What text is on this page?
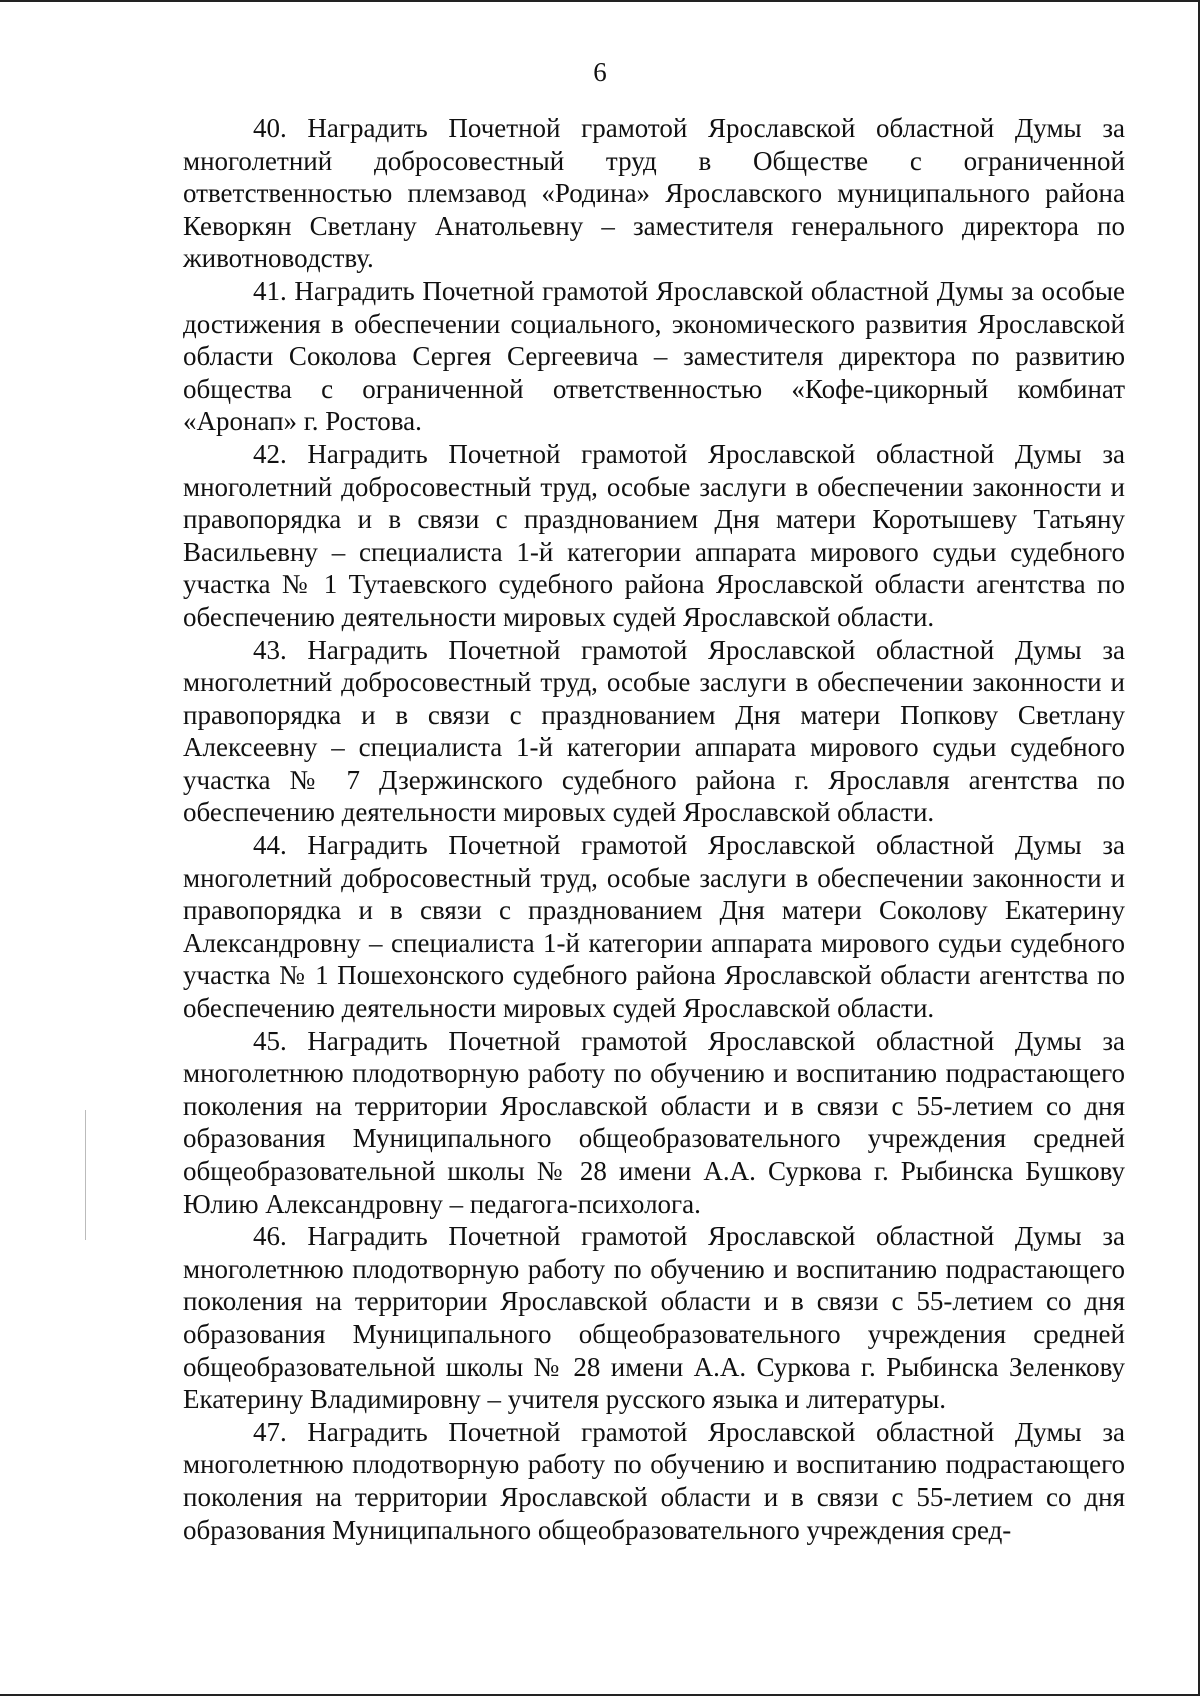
6

40. Наградить Почетной грамотой Ярославской областной Думы за многолетний добросовестный труд в Обществе с ограниченной ответственностью племзавод «Родина» Ярославского муниципального района Кеворкян Светлану Анатольевну – заместителя генерального директора по животноводству.

41. Наградить Почетной грамотой Ярославской областной Думы за особые достижения в обеспечении социального, экономического развития Ярославской области Соколова Сергея Сергеевича – заместителя директора по развитию общества с ограниченной ответственностью «Кофе-цикорный комбинат «Аронап» г. Ростова.

42. Наградить Почетной грамотой Ярославской областной Думы за многолетний добросовестный труд, особые заслуги в обеспечении законности и правопорядка и в связи с празднованием Дня матери Коротышеву Татьяну Васильевну – специалиста 1-й категории аппарата мирового судьи судебного участка № 1 Тутаевского судебного района Ярославской области агентства по обеспечению деятельности мировых судей Ярославской области.

43. Наградить Почетной грамотой Ярославской областной Думы за многолетний добросовестный труд, особые заслуги в обеспечении законности и правопорядка и в связи с празднованием Дня матери Попкову Светлану Алексеевну – специалиста 1-й категории аппарата мирового судьи судебного участка № 7 Дзержинского судебного района г. Ярославля агентства по обеспечению деятельности мировых судей Ярославской области.

44. Наградить Почетной грамотой Ярославской областной Думы за многолетний добросовестный труд, особые заслуги в обеспечении законности и правопорядка и в связи с празднованием Дня матери Соколову Екатерину Александровну – специалиста 1-й категории аппарата мирового судьи судебного участка № 1 Пошехонского судебного района Ярославской области агентства по обеспечению деятельности мировых судей Ярославской области.

45. Наградить Почетной грамотой Ярославской областной Думы за многолетнюю плодотворную работу по обучению и воспитанию подрастающего поколения на территории Ярославской области и в связи с 55-летием со дня образования Муниципального общеобразовательного учреждения средней общеобразовательной школы № 28 имени А.А. Суркова г. Рыбинска Бушкову Юлию Александровну – педагога-психолога.

46. Наградить Почетной грамотой Ярославской областной Думы за многолетнюю плодотворную работу по обучению и воспитанию подрастающего поколения на территории Ярославской области и в связи с 55-летием со дня образования Муниципального общеобразовательного учреждения средней общеобразовательной школы № 28 имени А.А. Суркова г. Рыбинска Зеленкову Екатерину Владимировну – учителя русского языка и литературы.

47. Наградить Почетной грамотой Ярославской областной Думы за многолетнюю плодотворную работу по обучению и воспитанию подрастающего поколения на территории Ярославской области и в связи с 55-летием со дня образования Муниципального общеобразовательного учреждения сред-
